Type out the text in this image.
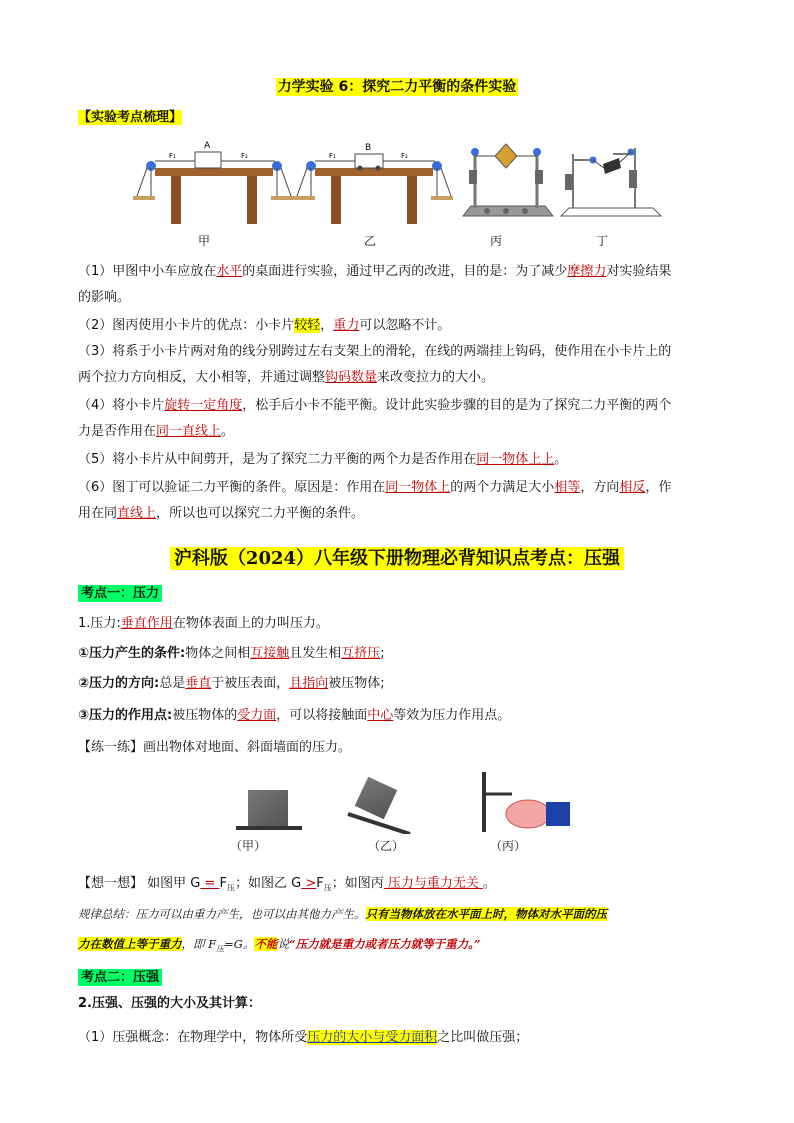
力学实验 6：探究二力平衡的条件实验
【实验考点梳理】
A
F₁	F₂
B
F₁	F₂
甲	乙	丙	丁
（1）甲图中小车应放在水平的桌面进行实验，通过甲乙丙的改进，目的是：为了减少摩擦力对实验结果
的影响。
（2）图丙使用小卡片的优点：小卡片较轻，重力可以忽略不计。
（3）将系于小卡片两对角的线分别跨过左右支架上的滑轮，在线的两端挂上钩码，使作用在小卡片上的
两个拉力方向相反，大小相等，并通过调整钩码数量来改变拉力的大小。
（4）将小卡片旋转一定角度，松手后小卡不能平衡。设计此实验步骤的目的是为了探究二力平衡的两个
力是否作用在同一直线上。
（5）将小卡片从中间剪开，是为了探究二力平衡的两个力是否作用在同一物体上上。
（6）图丁可以验证二力平衡的条件。原因是：作用在同一物体上的两个力满足大小相等，方向相反，作
用在同直线上，所以也可以探究二力平衡的条件。
沪科版（2024）八年级下册物理必背知识点考点：压强
考点一：压力
1.压力:垂直作用在物体表面上的力叫压力。
①压力产生的条件:物体之间相互接触且发生相互挤压;
②压力的方向:总是垂直于被压表面，且指向被压物体;
③压力的作用点:被压物体的受力面，可以将接触面中心等效为压力作用点。
【练一练】画出物体对地面、斜面墙面的压力。
（甲）	（乙）	（丙）
【想一想】 如图甲 $G = F_压$；如图乙 $G >F_压$；如图丙 压力与重力无关 。
规律总结：压力可以由重力产生，也可以由其他力产生。只有当物体放在水平面上时，物体对水平面的压
力在数值上等于重力，即 $F_压=G$。不能说“压力就是重力或者压力就等于重力。”
考点二：压强
2.压强、压强的大小及其计算：
（1）压强概念：在物理学中，物体所受压力的大小与受力面积之比叫做压强；
